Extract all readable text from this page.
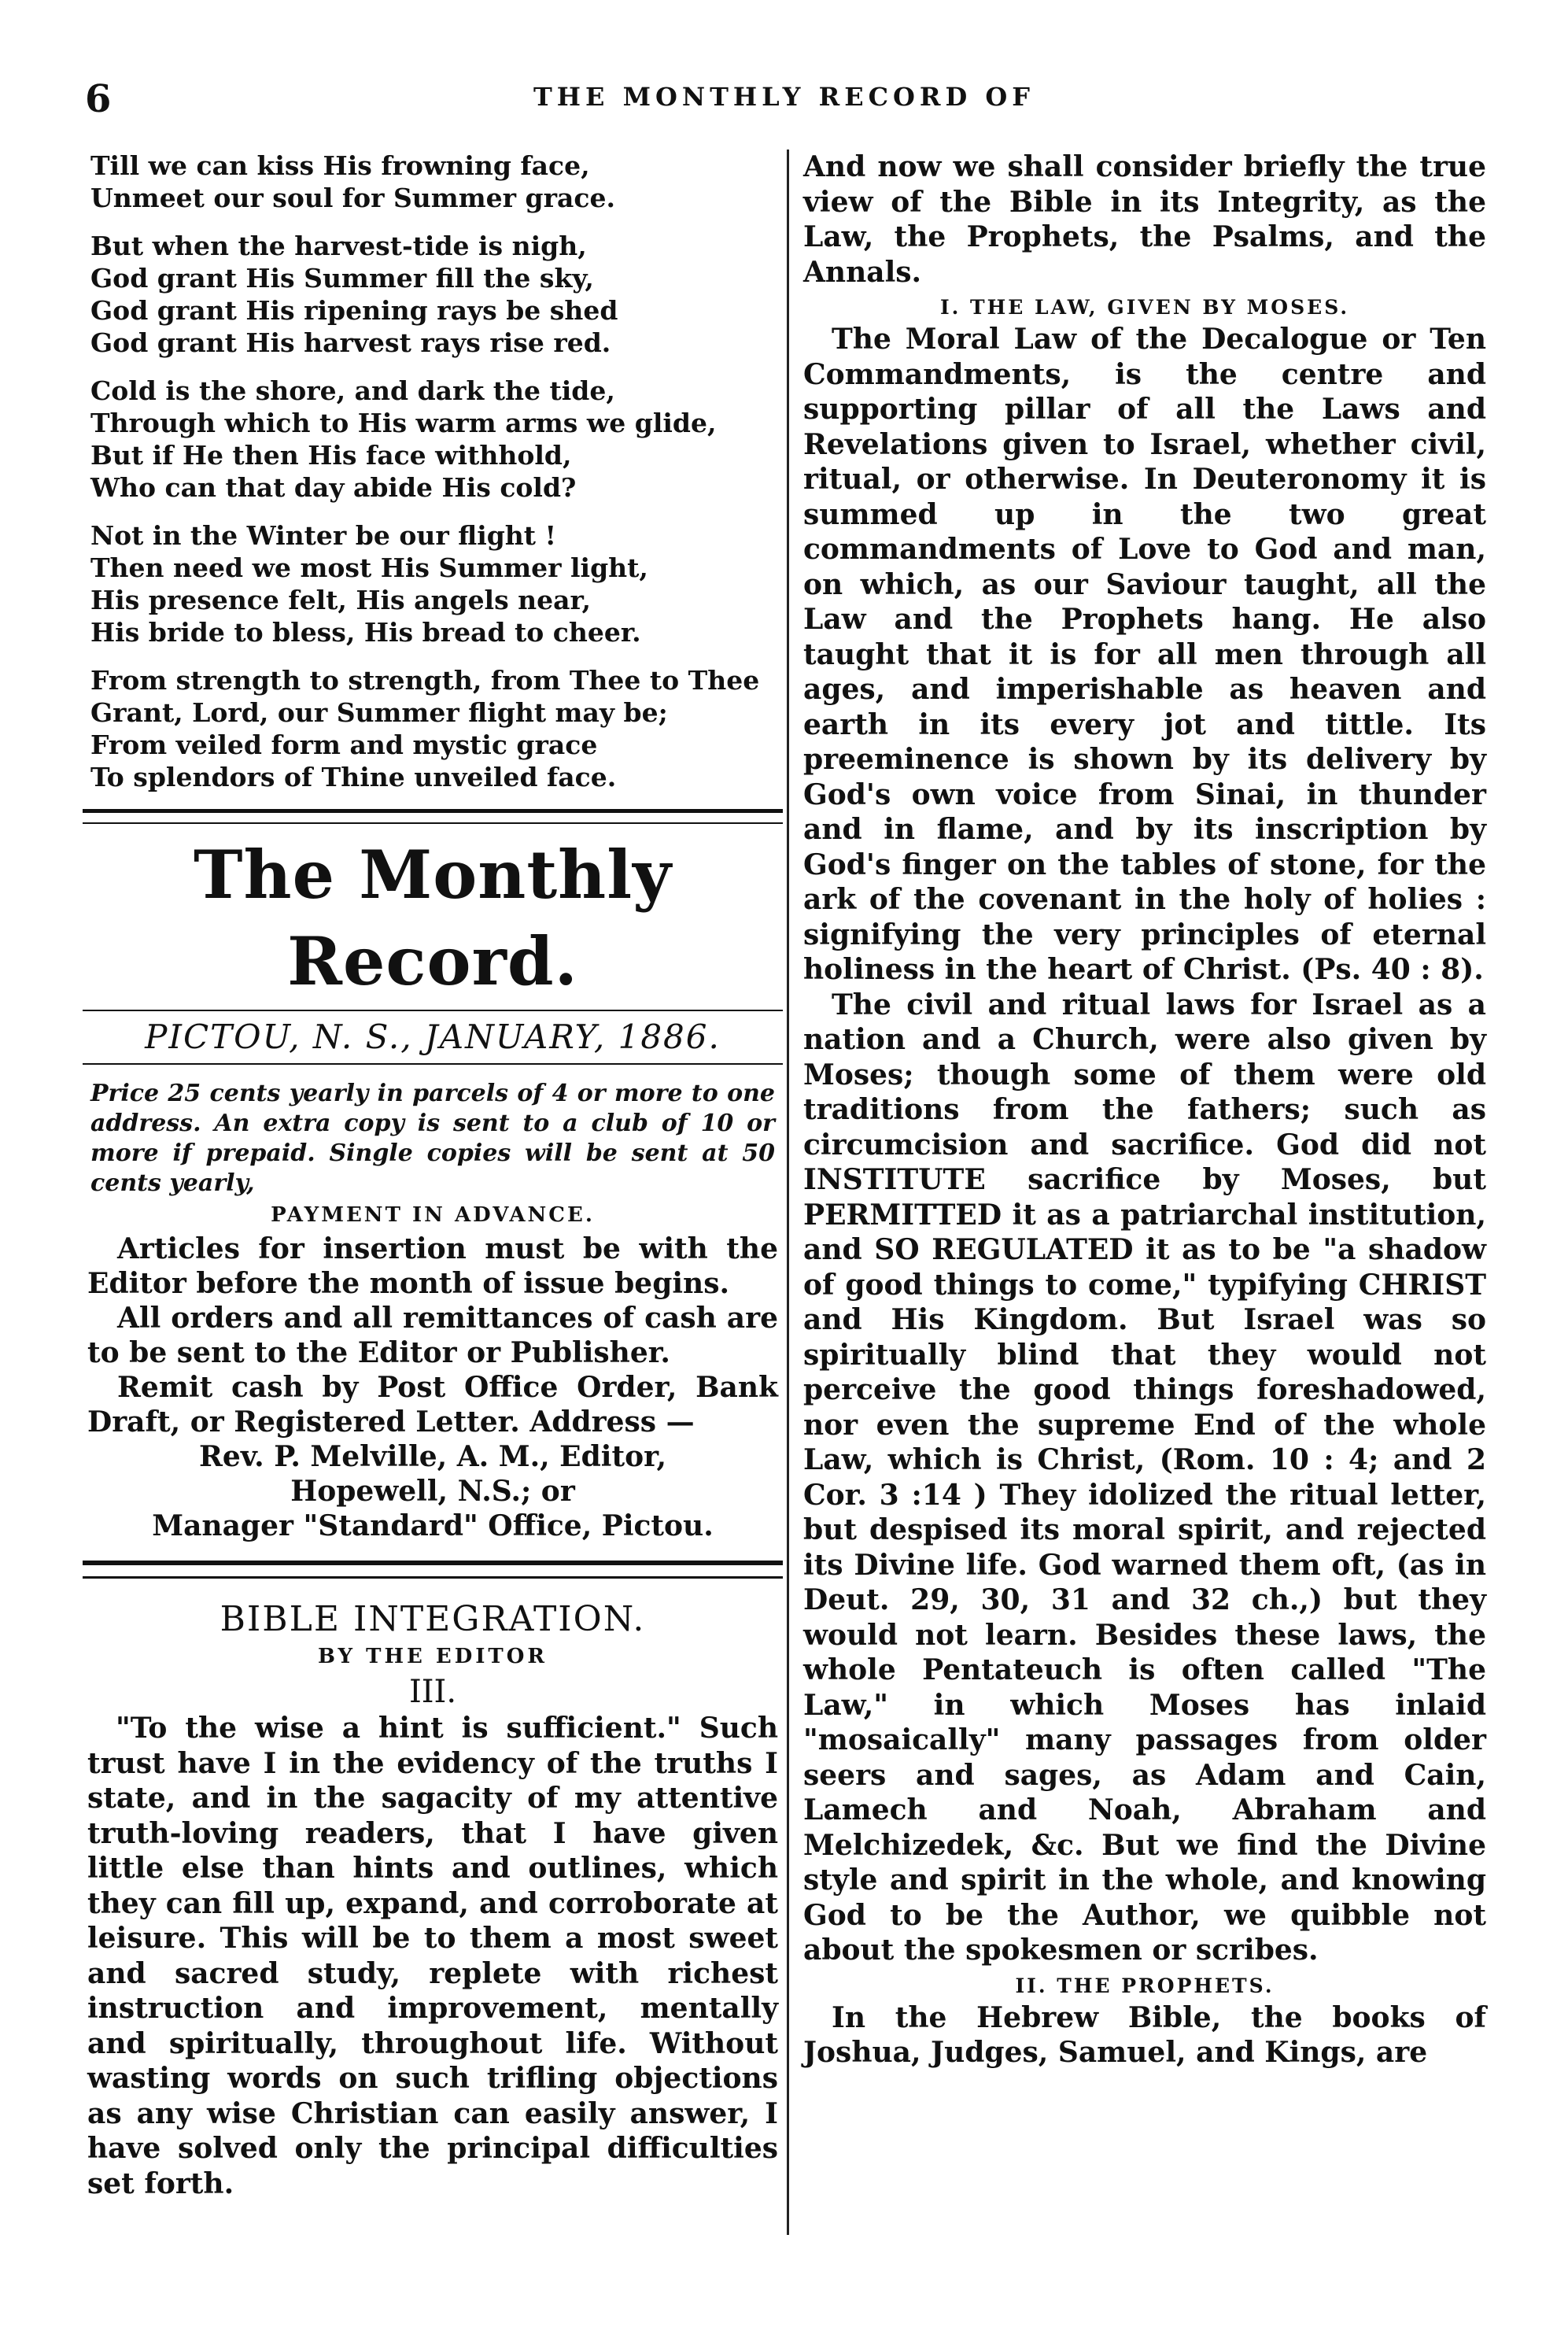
6	THE MONTHLY RECORD OF
Till we can kiss His frowning face,
Unmeet our soul for Summer grace.
But when the harvest-tide is nigh,
God grant His Summer fill the sky,
God grant His ripening rays be shed
God grant His harvest rays rise red.
Cold is the shore, and dark the tide,
Through which to His warm arms we glide,
But if He then His face withhold,
Who can that day abide His cold?
Not in the Winter be our flight !
Then need we most His Summer light,
His presence felt, His angels near,
His bride to bless, His bread to cheer.
From strength to strength, from Thee to Thee
Grant, Lord, our Summer flight may be;
From veiled form and mystic grace
To splendors of Thine unveiled face.
The Monthly Record.
PICTOU, N. S., JANUARY, 1886.
Price 25 cents yearly in parcels of 4 or more to one address. An extra copy is sent to a club of 10 or more if prepaid. Single copies will be sent at 50 cents yearly,
PAYMENT IN ADVANCE.
Articles for insertion must be with the Editor before the month of issue begins.
All orders and all remittances of cash are to be sent to the Editor or Publisher.
Remit cash by Post Office Order, Bank Draft, or Registered Letter. Address —
Rev. P. Melville, A. M., Editor,
Hopewell, N.S.; or
Manager "Standard" Office, Pictou.
BIBLE INTEGRATION.
BY THE EDITOR
III.
"To the wise a hint is sufficient." Such trust have I in the evidency of the truths I state, and in the sagacity of my attentive truth-loving readers, that I have given little else than hints and outlines, which they can fill up, expand, and corroborate at leisure. This will be to them a most sweet and sacred study, replete with richest instruction and improvement, mentally and spiritually, throughout life. Without wasting words on such trifling objections as any wise Christian can easily answer, I have solved only the principal difficulties set forth.
And now we shall consider briefly the true view of the Bible in its Integrity, as the Law, the Prophets, the Psalms, and the Annals.
I. THE LAW, GIVEN BY MOSES.
The Moral Law of the Decalogue or Ten Commandments, is the centre and supporting pillar of all the Laws and Revelations given to Israel, whether civil, ritual, or otherwise. In Deuteronomy it is summed up in the two great commandments of Love to God and man, on which, as our Saviour taught, all the Law and the Prophets hang. He also taught that it is for all men through all ages, and imperishable as heaven and earth in its every jot and tittle. Its preeminence is shown by its delivery by God's own voice from Sinai, in thunder and in flame, and by its inscription by God's finger on the tables of stone, for the ark of the covenant in the holy of holies : signifying the very principles of eternal holiness in the heart of Christ. (Ps. 40 : 8).
The civil and ritual laws for Israel as a nation and a Church, were also given by Moses; though some of them were old traditions from the fathers; such as circumcision and sacrifice. God did not INSTITUTE sacrifice by Moses, but PERMITTED it as a patriarchal institution, and SO REGULATED it as to be "a shadow of good things to come," typifying CHRIST and His Kingdom. But Israel was so spiritually blind that they would not perceive the good things foreshadowed, nor even the supreme End of the whole Law, which is Christ, (Rom. 10 : 4; and 2 Cor. 3 :14 ) They idolized the ritual letter, but despised its moral spirit, and rejected its Divine life. God warned them oft, (as in Deut. 29, 30, 31 and 32 ch.,) but they would not learn. Besides these laws, the whole Pentateuch is often called "The Law," in which Moses has inlaid "mosaically" many passages from older seers and sages, as Adam and Cain, Lamech and Noah, Abraham and Melchizedek, &c. But we find the Divine style and spirit in the whole, and knowing God to be the Author, we quibble not about the spokesmen or scribes.
II. THE PROPHETS.
In the Hebrew Bible, the books of Joshua, Judges, Samuel, and Kings, are
